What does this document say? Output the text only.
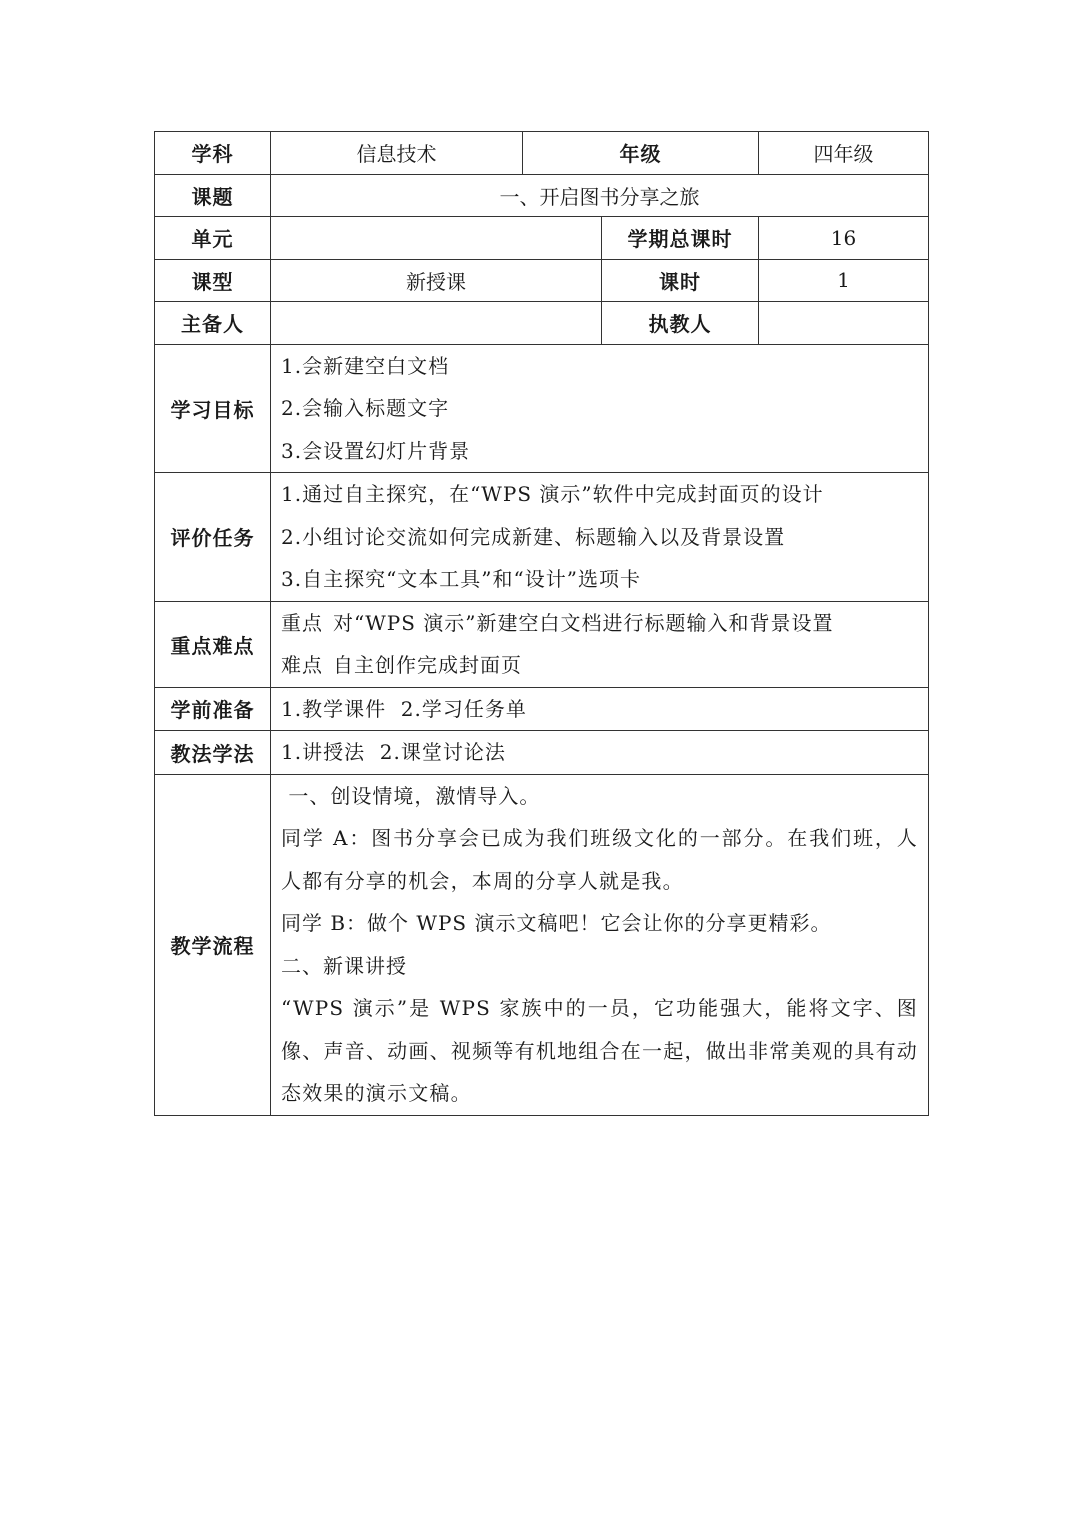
学科	信息技术	年级		四年级
课题	一、开启图书分享之旅			
单元			学期总课时	16
课型	新授课		课时	1
主备人			执教人	
学习目标	1.会新建空白文档
2.会输入标题文字
3.会设置幻灯片背景			

评价任务	1.通过自主探究，在“WPS 演示”软件中完成封面页的设计
2.小组讨论交流如何完成新建、标题输入以及背景设置
3.自主探究“文本工具”和“设计”选项卡			

重点难点	重点 对“WPS 演示”新建空白文档进行标题输入和背景设置
难点 自主创作完成封面页			

学前准备	1.教学课件  2.学习任务单			

教法学法	1.讲授法  2.课堂讨论法			

教学流程	一、创设情境，激情导入。
同学 A：图书分享会已成为我们班级文化的一部分。在我们班，人人都有分享的机会，本周的分享人就是我。
同学 B：做个 WPS 演示文稿吧！它会让你的分享更精彩。
二、新课讲授
“WPS 演示”是 WPS 家族中的一员，它功能强大，能将文字、图像、声音、动画、视频等有机地组合在一起，做出非常美观的具有动态效果的演示文稿。			
